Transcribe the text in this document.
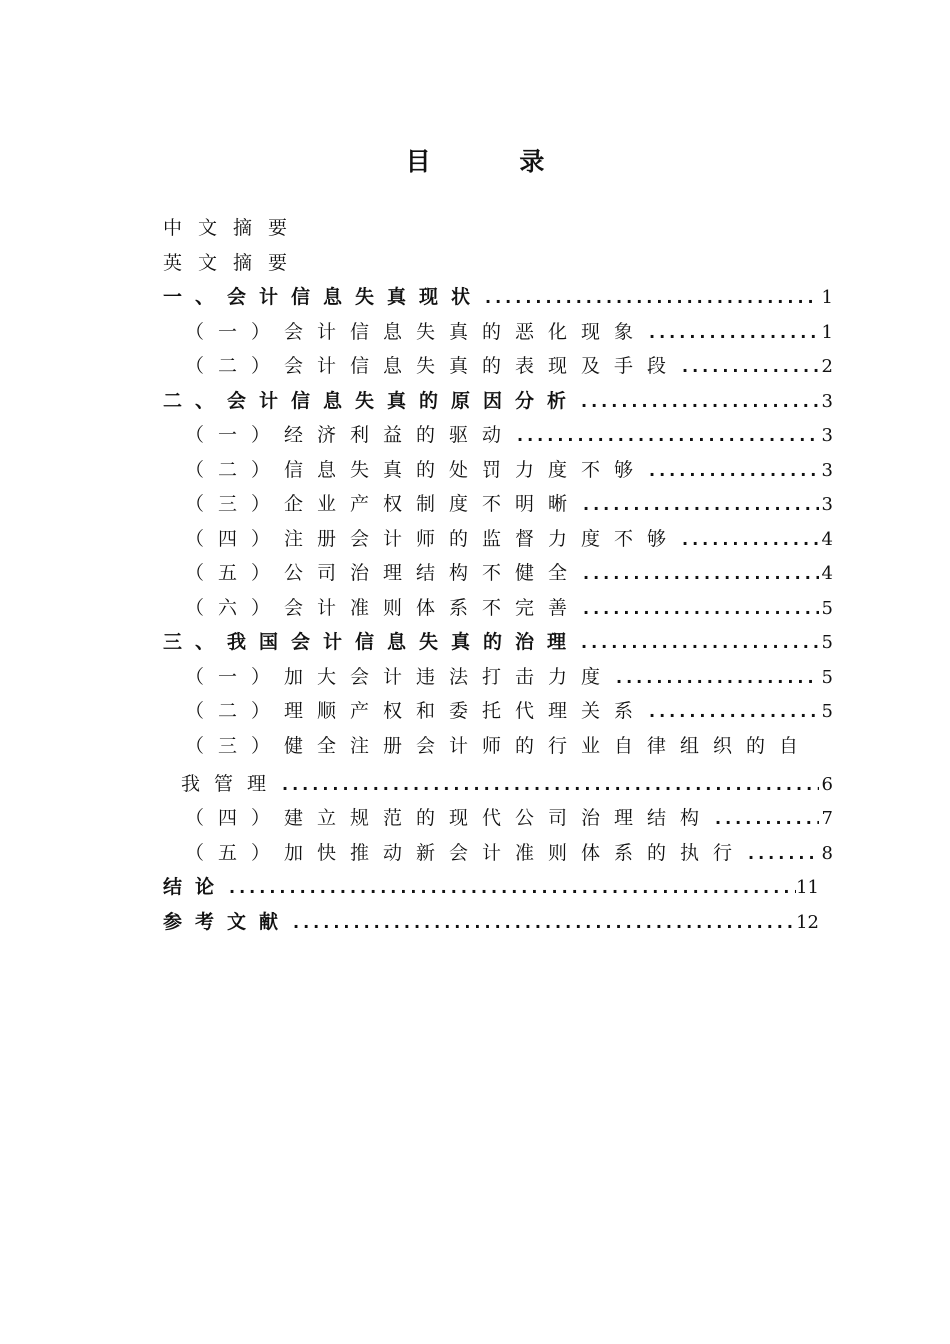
目 录
中文摘要
英文摘要
一、会计信息失真现状 .....	1
（一）会计信息失真的恶化现象 .....	1
（二）会计信息失真的表现及手段 .....	2
二、会计信息失真的原因分析 .....	3
（一）经济利益的驱动 .....	3
（二）信息失真的处罚力度不够 .....	3
（三）企业产权制度不明晰 .....	3
（四）注册会计师的监督力度不够 .....	4
（五）公司治理结构不健全 .....	4
（六）会计准则体系不完善 .....	5
三、我国会计信息失真的治理 .....	5
（一）加大会计违法打击力度 .....	5
（二）理顺产权和委托代理关系 .....	5
（三）健全注册会计师的行业自律组织的自
我管理 .....	6
（四）建立规范的现代公司治理结构 .....	7
（五）加快推动新会计准则体系的执行 .....	8
结论 .....	11
参考文献 .....	12
